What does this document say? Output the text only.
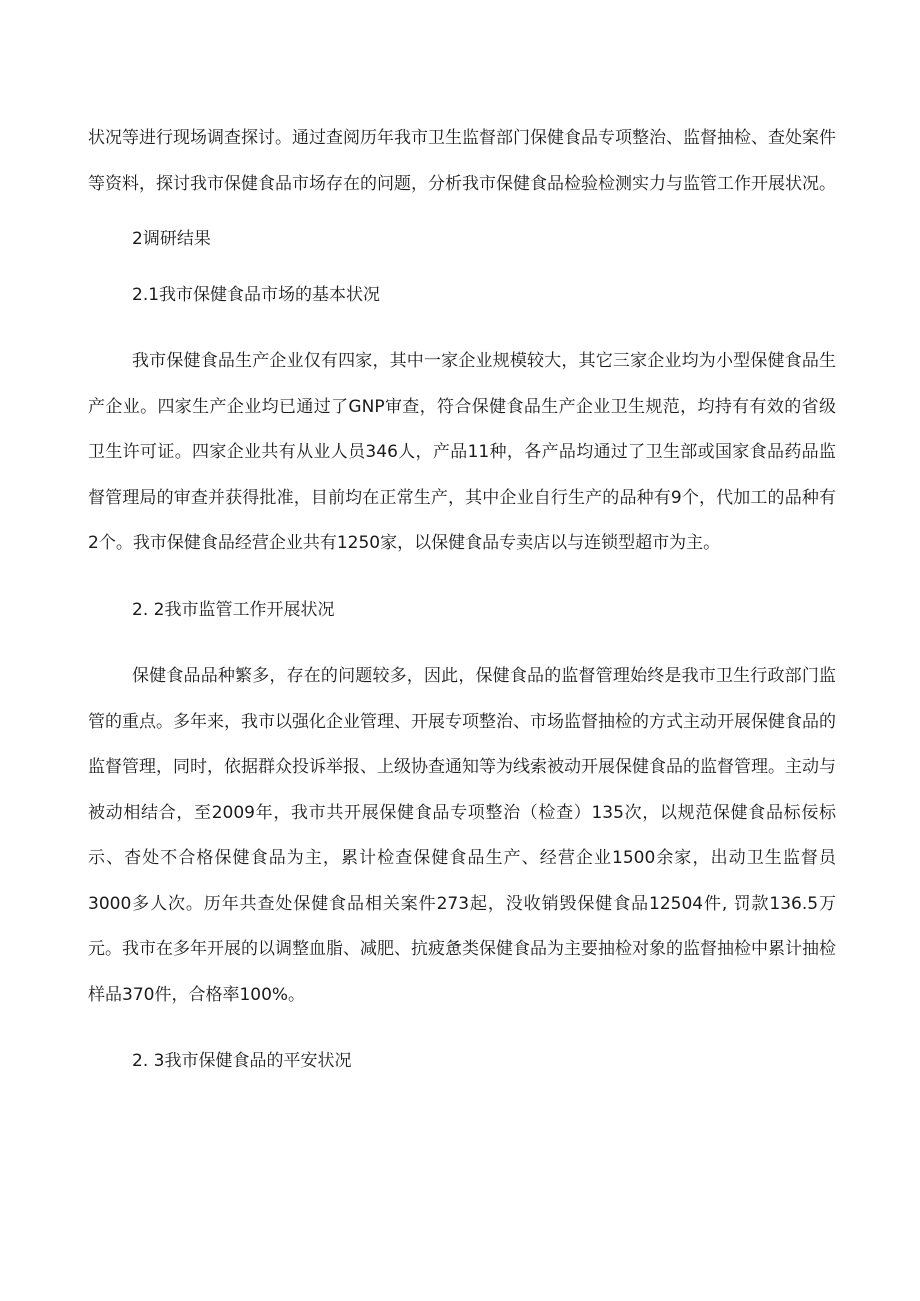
状况等进行现场调查探讨。通过查阅历年我市卫生监督部门保健食品专项整治、监督抽检、查处案件等资料，探讨我市保健食品市场存在的问题，分析我市保健食品检验检测实力与监管工作开展状况。

2调研结果

2.1我市保健食品市场的基本状况

我市保健食品生产企业仅有四家，其中一家企业规模较大，其它三家企业均为小型保健食品生产企业。四家生产企业均已通过了GNP审查，符合保健食品生产企业卫生规范，均持有有效的省级卫生许可证。四家企业共有从业人员346人，产品11种，各产品均通过了卫生部或国家食品药品监督管理局的审查并获得批准，目前均在正常生产，其中企业自行生产的品种有9个，代加工的品种有2个。我市保健食品经营企业共有1250家，以保健食品专卖店以与连锁型超市为主。

2. 2我市监管工作开展状况

保健食品品种繁多，存在的问题较多，因此，保健食品的监督管理始终是我市卫生行政部门监管的重点。多年来，我市以强化企业管理、开展专项整治、市场监督抽检的方式主动开展保健食品的监督管理，同时，依据群众投诉举报、上级协查通知等为线索被动开展保健食品的监督管理。主动与被动相结合，至2009年，我市共开展保健食品专项整治（检查）135次，以规范保健食品标佞标示、杳处不合格保健食品为主，累计检查保健食品生产、经营企业1500余家，出动卫生监督员3000多人次。历年共查处保健食品相关案件273起，没收销毁保健食品12504件, 罚款136.5万元。我市在多年开展的以调整血脂、减肥、抗疲惫类保健食品为主要抽检对象的监督抽检中累计抽检样品370件，合格率100%。

2. 3我市保健食品的平安状况
